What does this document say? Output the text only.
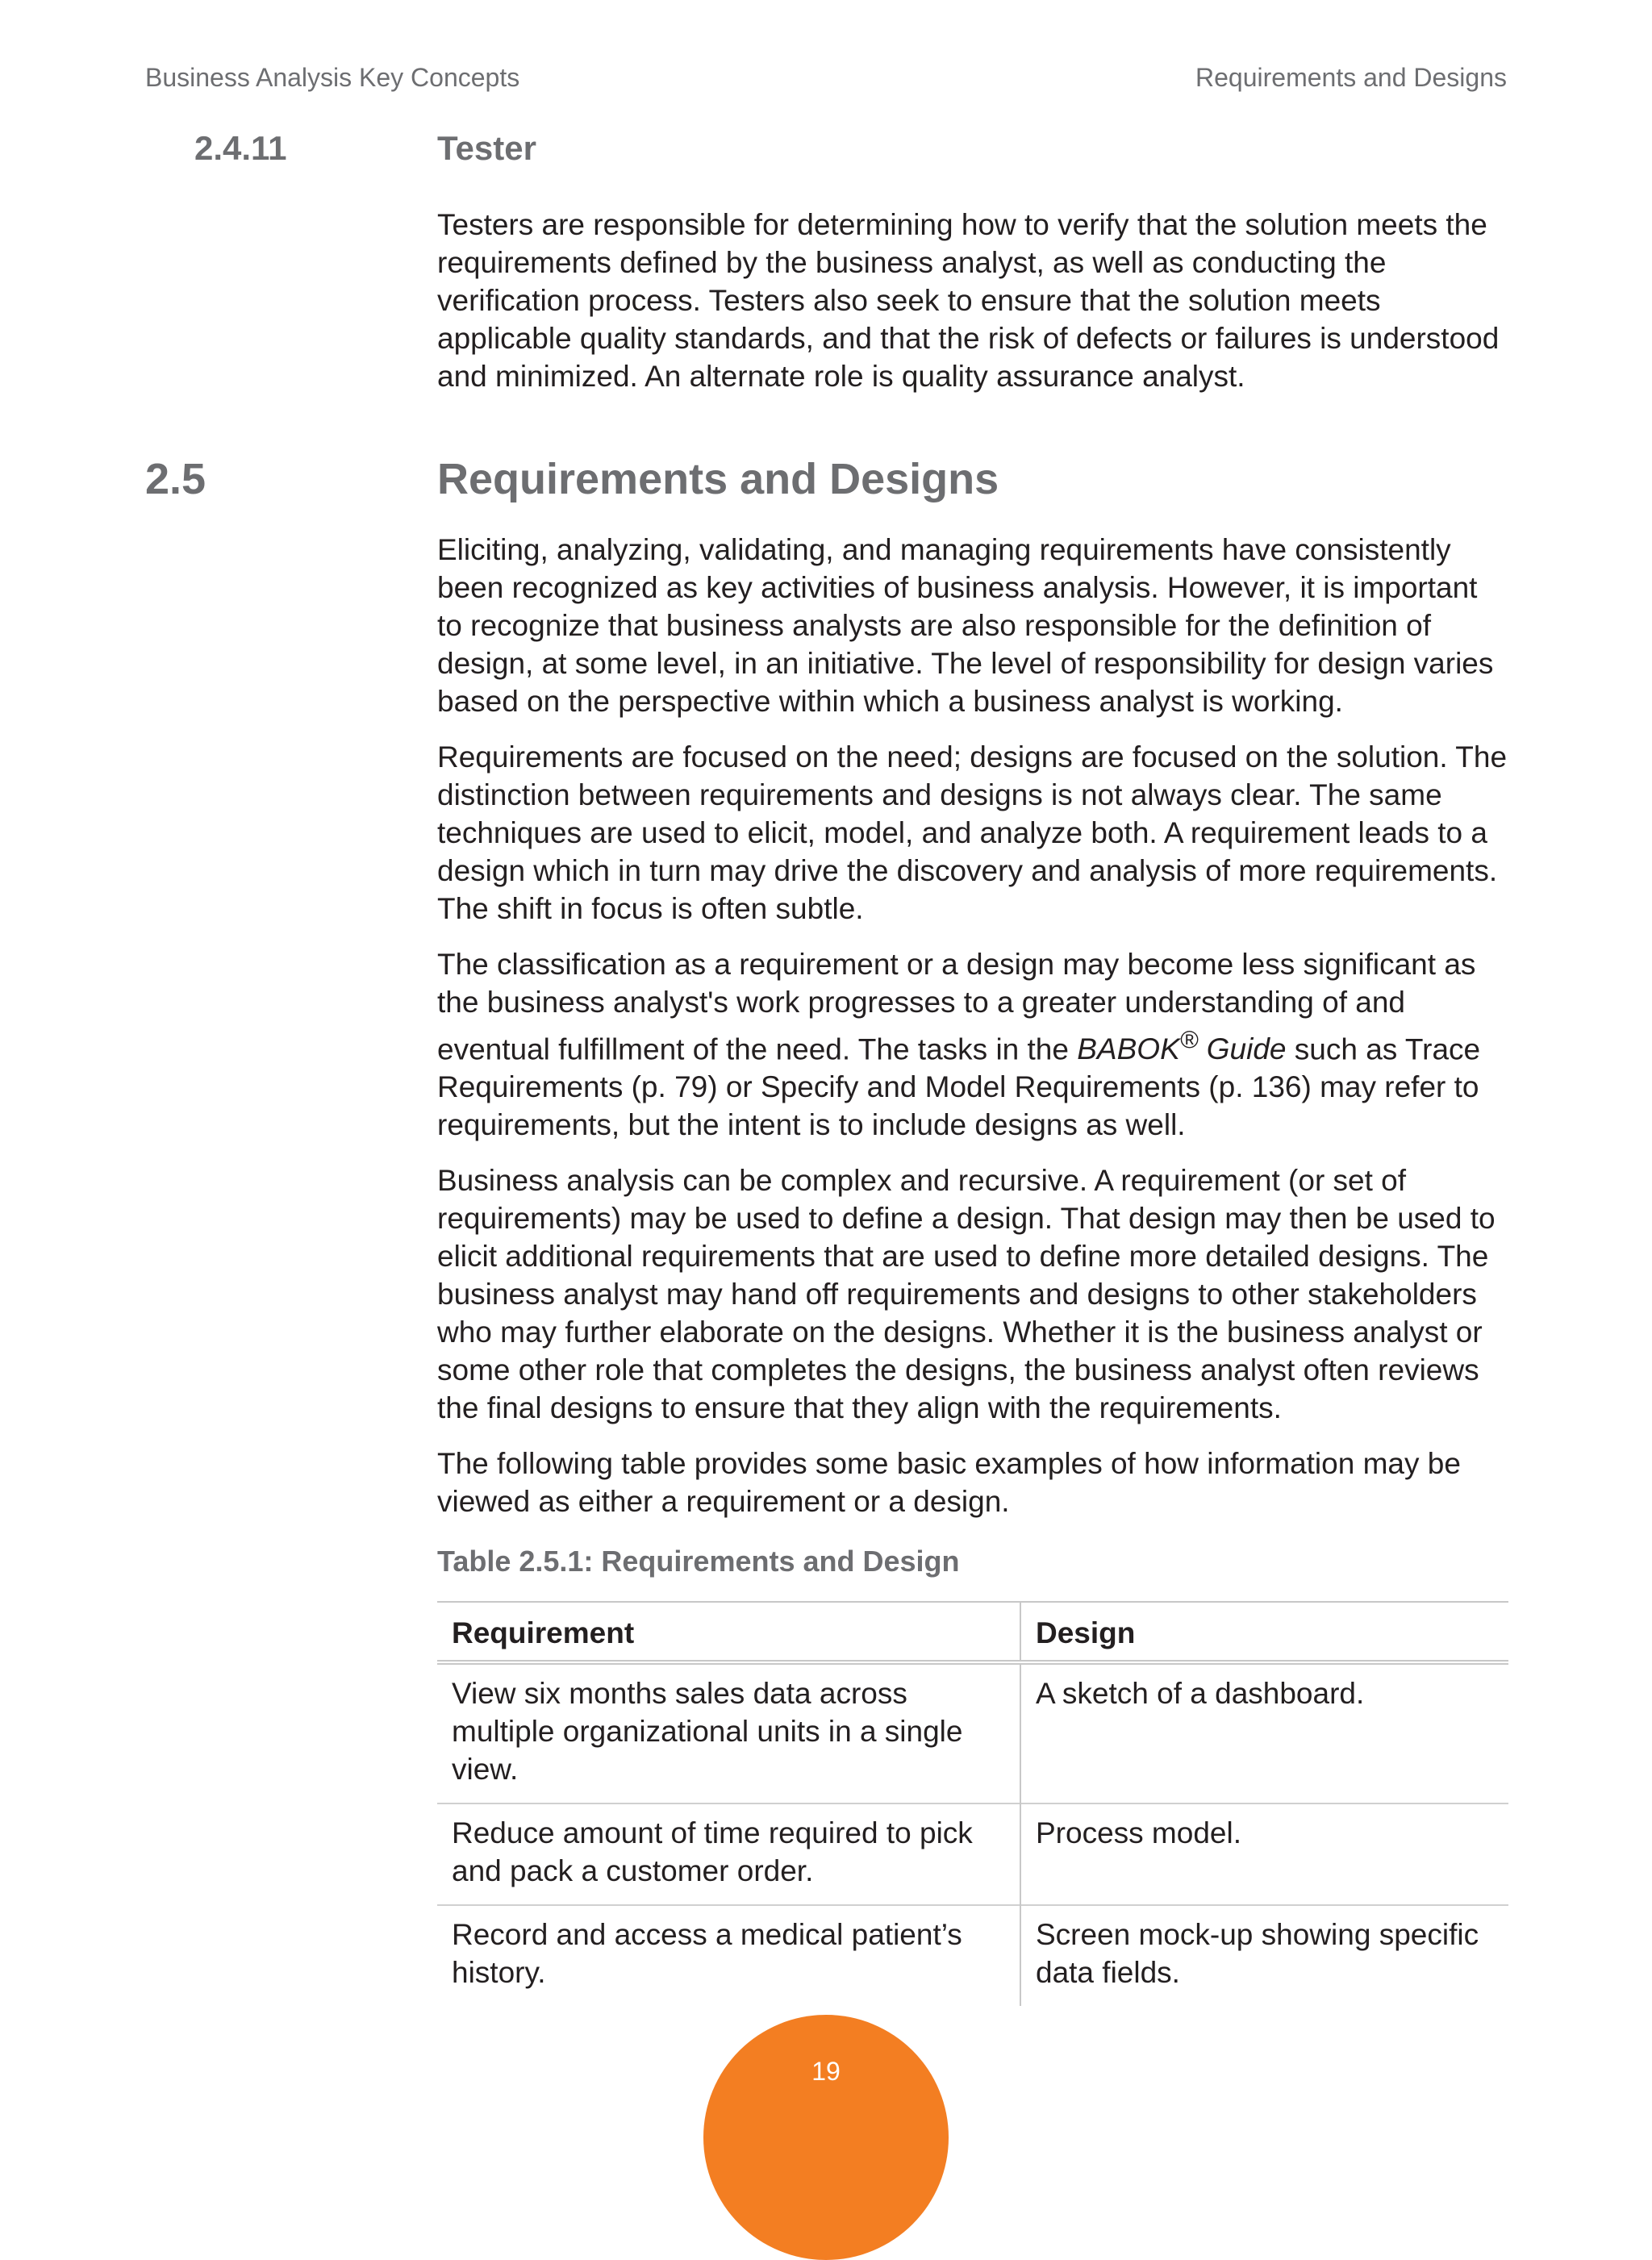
Business Analysis Key Concepts	Requirements and Designs
2.4.11	Tester

Testers are responsible for determining how to verify that the solution meets the requirements defined by the business analyst, as well as conducting the verification process. Testers also seek to ensure that the solution meets applicable quality standards, and that the risk of defects or failures is understood and minimized. An alternate role is quality assurance analyst.

2.5	Requirements and Designs

Eliciting, analyzing, validating, and managing requirements have consistently been recognized as key activities of business analysis. However, it is important to recognize that business analysts are also responsible for the definition of design, at some level, in an initiative. The level of responsibility for design varies based on the perspective within which a business analyst is working.

Requirements are focused on the need; designs are focused on the solution. The distinction between requirements and designs is not always clear. The same techniques are used to elicit, model, and analyze both. A requirement leads to a design which in turn may drive the discovery and analysis of more requirements. The shift in focus is often subtle.

The classification as a requirement or a design may become less significant as the business analyst's work progresses to a greater understanding of and eventual fulfillment of the need. The tasks in the BABOK® Guide such as Trace Requirements (p. 79) or Specify and Model Requirements (p. 136) may refer to requirements, but the intent is to include designs as well.

Business analysis can be complex and recursive. A requirement (or set of requirements) may be used to define a design. That design may then be used to elicit additional requirements that are used to define more detailed designs. The business analyst may hand off requirements and designs to other stakeholders who may further elaborate on the designs. Whether it is the business analyst or some other role that completes the designs, the business analyst often reviews the final designs to ensure that they align with the requirements.

The following table provides some basic examples of how information may be viewed as either a requirement or a design.

Table 2.5.1: Requirements and Design
Requirement	Design
View six months sales data across multiple organizational units in a single view.	A sketch of a dashboard.
Reduce amount of time required to pick and pack a customer order.	Process model.
Record and access a medical patient’s history.	Screen mock-up showing specific data fields.
19
